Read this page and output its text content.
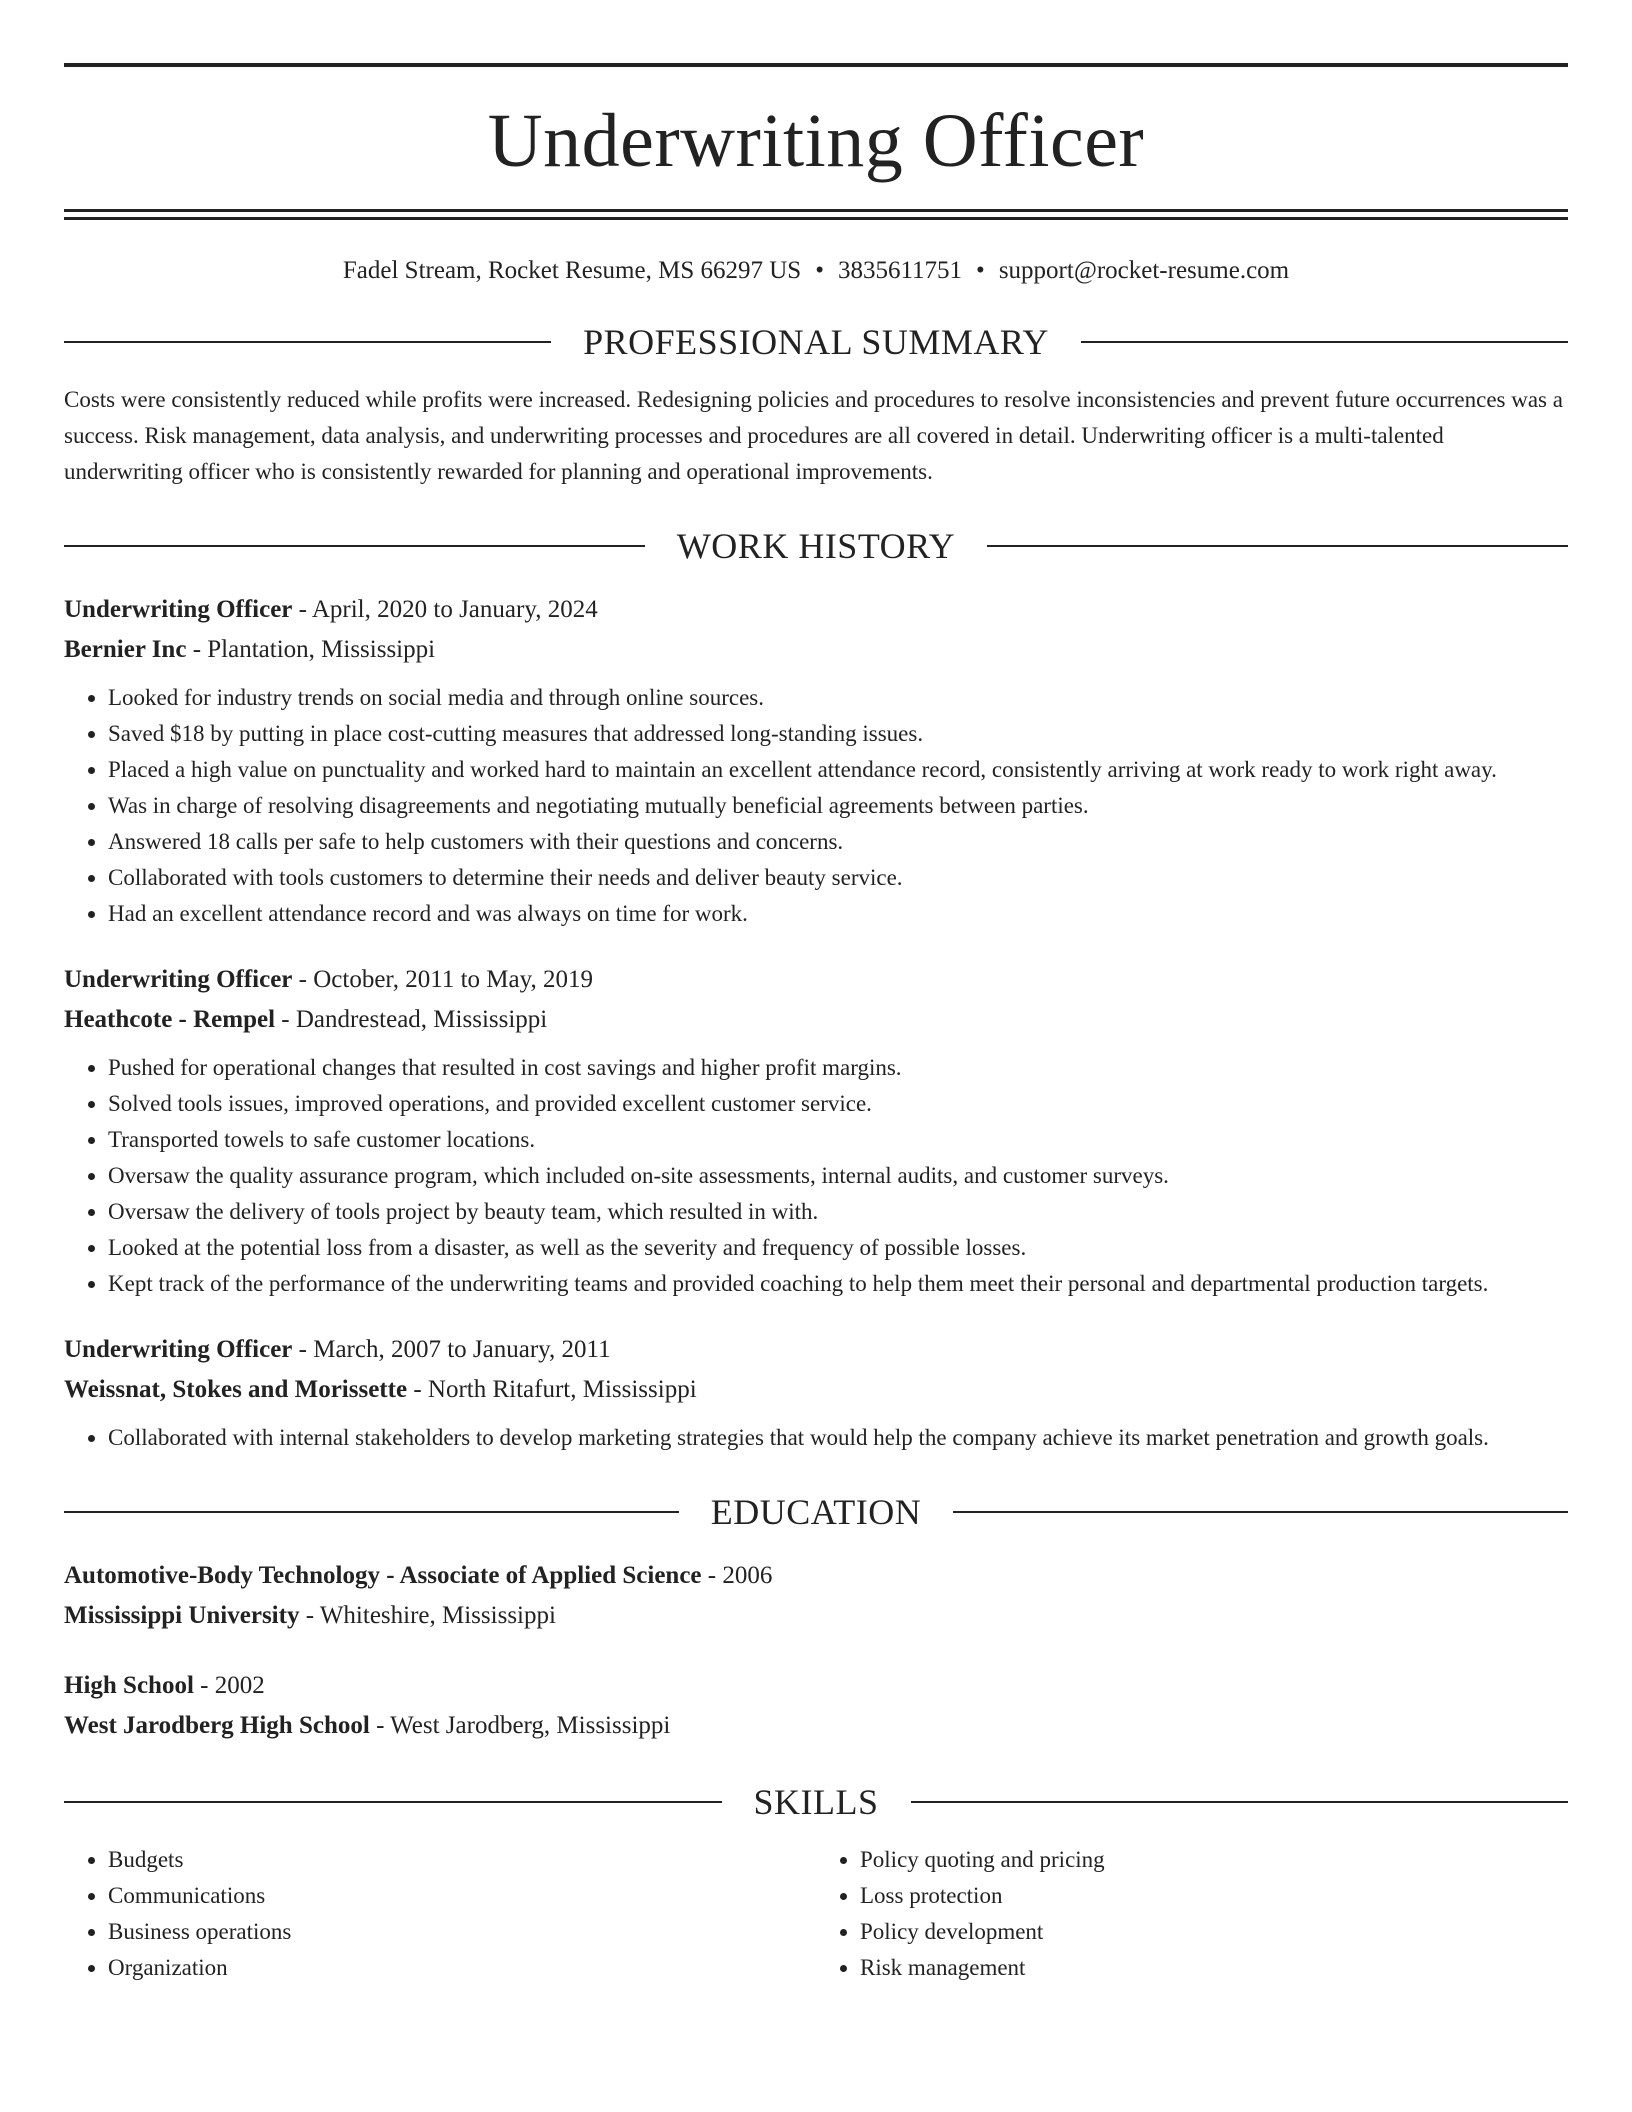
Underwriting Officer
Fadel Stream, Rocket Resume, MS 66297 US • 3835611751 • support@rocket-resume.com
PROFESSIONAL SUMMARY
Costs were consistently reduced while profits were increased. Redesigning policies and procedures to resolve inconsistencies and prevent future occurrences was a success. Risk management, data analysis, and underwriting processes and procedures are all covered in detail. Underwriting officer is a multi-talented underwriting officer who is consistently rewarded for planning and operational improvements.
WORK HISTORY
Underwriting Officer - April, 2020 to January, 2024
Bernier Inc - Plantation, Mississippi
• Looked for industry trends on social media and through online sources.
• Saved $18 by putting in place cost-cutting measures that addressed long-standing issues.
• Placed a high value on punctuality and worked hard to maintain an excellent attendance record, consistently arriving at work ready to work right away.
• Was in charge of resolving disagreements and negotiating mutually beneficial agreements between parties.
• Answered 18 calls per safe to help customers with their questions and concerns.
• Collaborated with tools customers to determine their needs and deliver beauty service.
• Had an excellent attendance record and was always on time for work.
Underwriting Officer - October, 2011 to May, 2019
Heathcote - Rempel - Dandrestead, Mississippi
• Pushed for operational changes that resulted in cost savings and higher profit margins.
• Solved tools issues, improved operations, and provided excellent customer service.
• Transported towels to safe customer locations.
• Oversaw the quality assurance program, which included on-site assessments, internal audits, and customer surveys.
• Oversaw the delivery of tools project by beauty team, which resulted in with.
• Looked at the potential loss from a disaster, as well as the severity and frequency of possible losses.
• Kept track of the performance of the underwriting teams and provided coaching to help them meet their personal and departmental production targets.
Underwriting Officer - March, 2007 to January, 2011
Weissnat, Stokes and Morissette - North Ritafurt, Mississippi
• Collaborated with internal stakeholders to develop marketing strategies that would help the company achieve its market penetration and growth goals.
EDUCATION
Automotive-Body Technology - Associate of Applied Science - 2006
Mississippi University - Whiteshire, Mississippi
High School - 2002
West Jarodberg High School - West Jarodberg, Mississippi
SKILLS
• Budgets
• Communications
• Business operations
• Organization
• Policy quoting and pricing
• Loss protection
• Policy development
• Risk management
